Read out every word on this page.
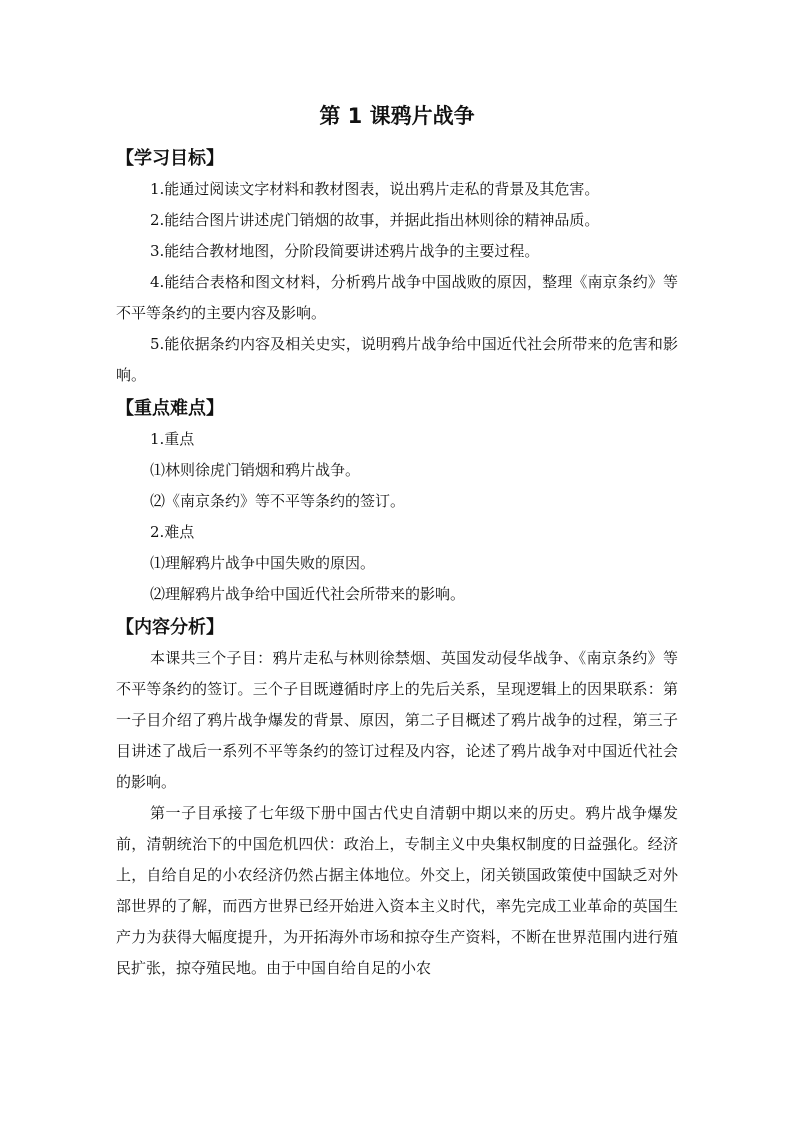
第 1 课鸦片战争
【学习目标】

1.能通过阅读文字材料和教材图表，说出鸦片走私的背景及其危害。

2.能结合图片讲述虎门销烟的故事，并据此指出林则徐的精神品质。

3.能结合教材地图，分阶段简要讲述鸦片战争的主要过程。

4.能结合表格和图文材料，分析鸦片战争中国战败的原因，整理《南京条约》等不平等条约的主要内容及影响。

5.能依据条约内容及相关史实，说明鸦片战争给中国近代社会所带来的危害和影响。

【重点难点】

1.重点

⑴林则徐虎门销烟和鸦片战争。

⑵《南京条约》等不平等条约的签订。

2.难点

⑴理解鸦片战争中国失败的原因。

⑵理解鸦片战争给中国近代社会所带来的影响。

【内容分析】

本课共三个子目：鸦片走私与林则徐禁烟、英国发动侵华战争、《南京条约》等不平等条约的签订。三个子目既遵循时序上的先后关系，呈现逻辑上的因果联系：第一子目介绍了鸦片战争爆发的背景、原因，第二子目概述了鸦片战争的过程，第三子目讲述了战后一系列不平等条约的签订过程及内容，论述了鸦片战争对中国近代社会的影响。

第一子目承接了七年级下册中国古代史自清朝中期以来的历史。鸦片战争爆发前，清朝统治下的中国危机四伏：政治上，专制主义中央集权制度的日益强化。经济上，自给自足的小农经济仍然占据主体地位。外交上，闭关锁国政策使中国缺乏对外部世界的了解，而西方世界已经开始进入资本主义时代，率先完成工业革命的英国生产力为获得大幅度提升，为开拓海外市场和掠夺生产资料，不断在世界范围内进行殖民扩张，掠夺殖民地。由于中国自给自足的小农
